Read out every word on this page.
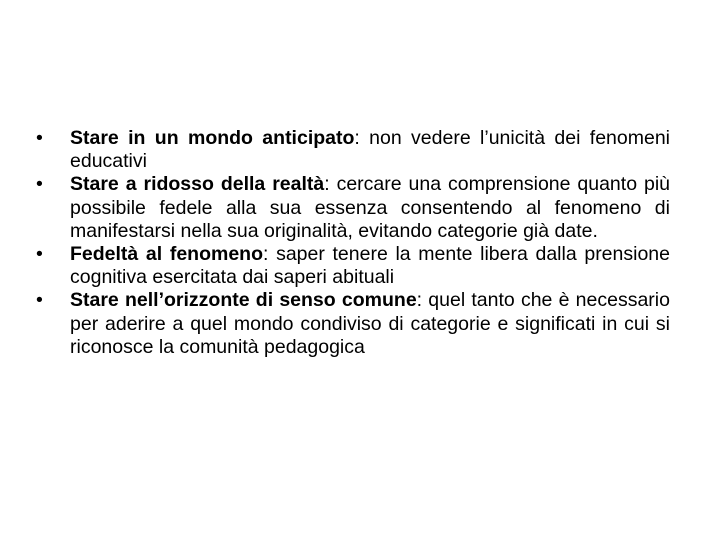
•	Stare in un mondo anticipato: non vedere l’unicità dei fenomeni educativi
•	Stare a ridosso della realtà: cercare una comprensione quanto più possibile fedele alla sua essenza consentendo al fenomeno di manifestarsi nella sua originalità, evitando categorie già date.
•	Fedeltà al fenomeno: saper tenere la mente libera dalla prensione cognitiva esercitata dai saperi abituali
•	Stare nell’orizzonte di senso comune: quel tanto che è necessario per aderire a quel mondo condiviso di categorie e significati in cui si riconosce la comunità pedagogica
